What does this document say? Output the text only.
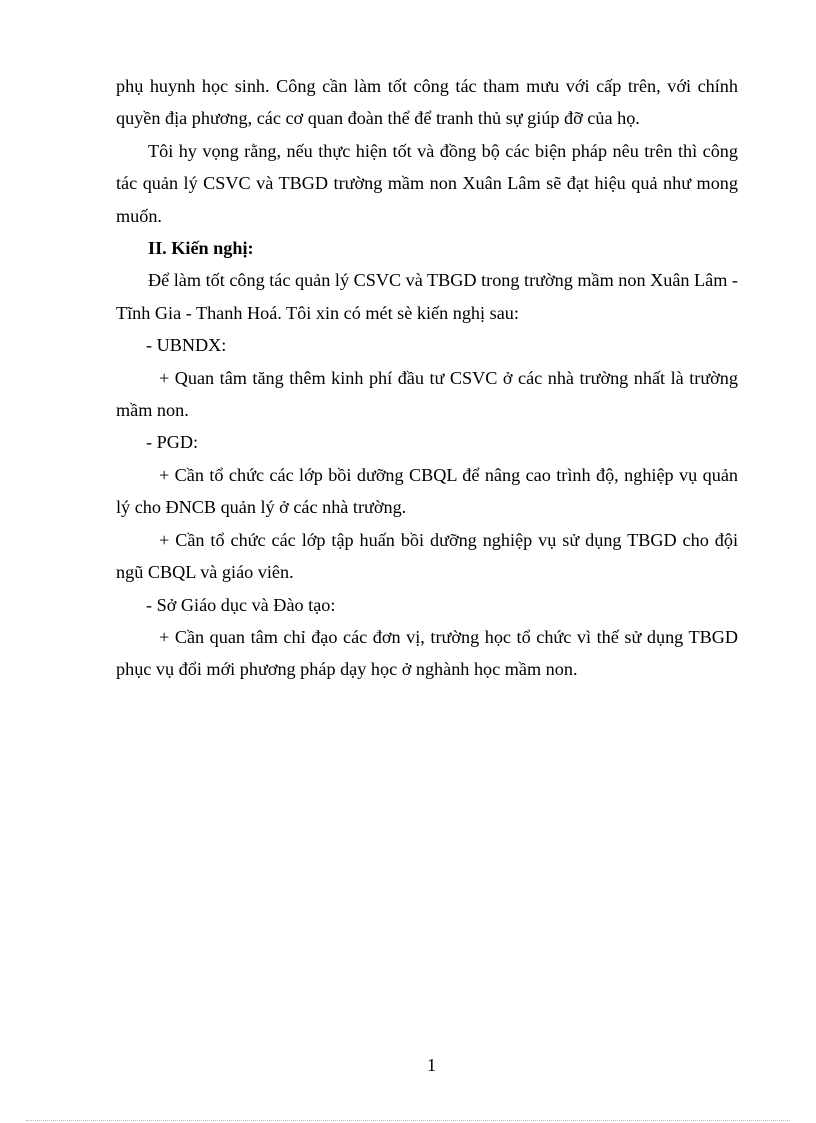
phụ huynh học sinh. Công cần làm tốt công tác tham mưu với cấp trên, với chính quyền địa phương, các cơ quan đoàn thể để tranh thủ sự giúp đỡ của họ.

Tôi hy vọng rằng, nếu thực hiện tốt và đồng bộ các biện pháp nêu trên thì công tác quản lý CSVC và TBGD trường mầm non Xuân Lâm sẽ đạt hiệu quả như mong muốn.

II. Kiến nghị:

Để làm tốt công tác quản lý CSVC và TBGD trong trường mầm non Xuân Lâm - Tĩnh Gia - Thanh Hoá. Tôi xin có mét sè kiến nghị sau:

- UBNDX:

+ Quan tâm tăng thêm kinh phí đầu tư CSVC ở các nhà trường nhất là trường mầm non.

- PGD:

+ Cần tổ chức các lớp bồi dưỡng CBQL để nâng cao trình độ, nghiệp vụ quản lý cho ĐNCB quản lý ở các nhà trường.

+ Cần tổ chức các lớp tập huấn bồi dưỡng nghiệp vụ sử dụng TBGD cho đội ngũ CBQL và giáo viên.

- Sở Giáo dục và Đào tạo:

+ Cần quan tâm chỉ đạo các đơn vị, trường học tổ chức vì thế sử dụng TBGD phục vụ đổi mới phương pháp dạy học ở nghành học mầm non.

1
